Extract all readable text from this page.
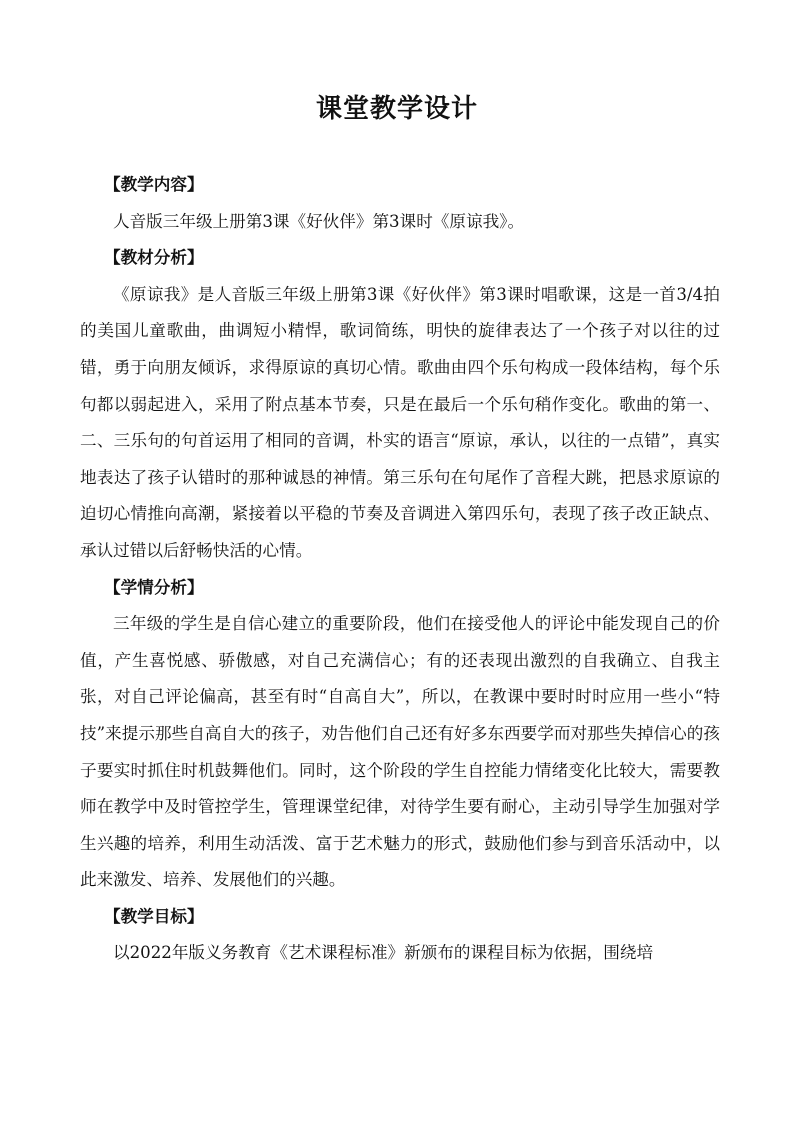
课堂教学设计
【教学内容】

人音版三年级上册第3课《好伙伴》第3课时《原谅我》。

【教材分析】

《原谅我》是人音版三年级上册第3课《好伙伴》第3课时唱歌课，这是一首3/4拍的美国儿童歌曲，曲调短小精悍，歌词简练，明快的旋律表达了一个孩子对以往的过错，勇于向朋友倾诉，求得原谅的真切心情。歌曲由四个乐句构成一段体结构，每个乐句都以弱起进入，采用了附点基本节奏，只是在最后一个乐句稍作变化。歌曲的第一、二、三乐句的句首运用了相同的音调，朴实的语言“原谅，承认，以往的一点错”，真实地表达了孩子认错时的那种诚恳的神情。第三乐句在句尾作了音程大跳，把恳求原谅的迫切心情推向高潮，紧接着以平稳的节奏及音调进入第四乐句，表现了孩子改正缺点、承认过错以后舒畅快活的心情。

【学情分析】

三年级的学生是自信心建立的重要阶段，他们在接受他人的评论中能发现自己的价值，产生喜悦感、骄傲感，对自己充满信心；有的还表现出激烈的自我确立、自我主张，对自己评论偏高，甚至有时“自高自大”，所以，在教课中要时时时应用一些小“特技”来提示那些自高自大的孩子，劝告他们自己还有好多东西要学而对那些失掉信心的孩子要实时抓住时机鼓舞他们。同时，这个阶段的学生自控能力情绪变化比较大，需要教师在教学中及时管控学生，管理课堂纪律，对待学生要有耐心，主动引导学生加强对学生兴趣的培养，利用生动活泼、富于艺术魅力的形式，鼓励他们参与到音乐活动中，以此来激发、培养、发展他们的兴趣。

【教学目标】

以2022年版义务教育《艺术课程标准》新颁布的课程目标为依据，围绕培
